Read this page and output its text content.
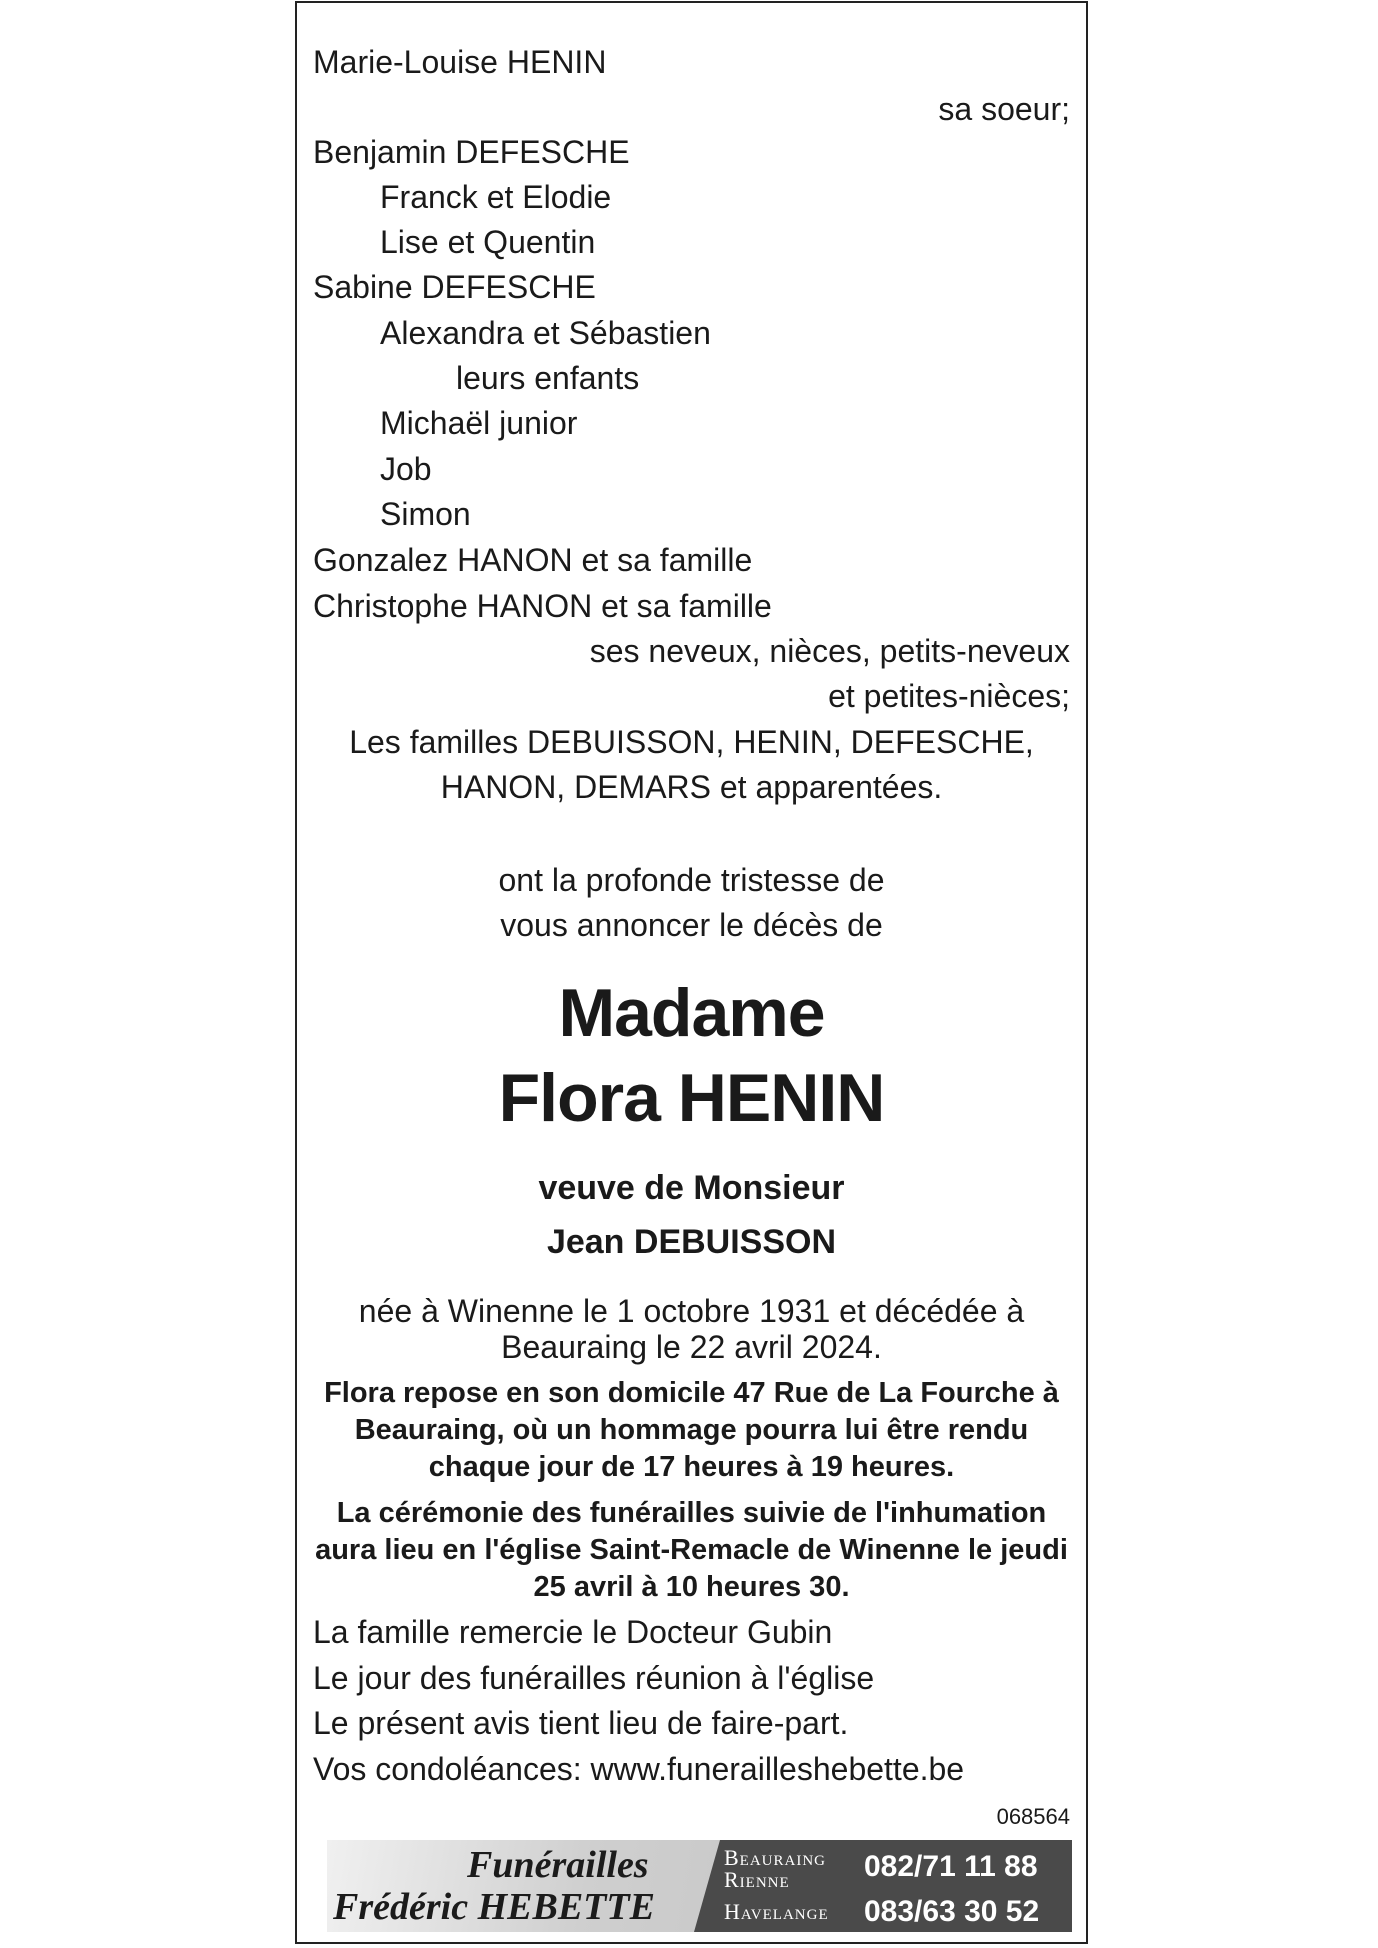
Marie-Louise HENIN
sa soeur;
Benjamin DEFESCHE
Franck et Elodie
Lise et Quentin
Sabine DEFESCHE
Alexandra et Sébastien
leurs enfants
Michaël junior
Job
Simon
Gonzalez HANON et sa famille
Christophe HANON et sa famille
ses neveux, nièces, petits-neveux
et petites-nièces;
Les familles DEBUISSON, HENIN, DEFESCHE,
HANON, DEMARS et apparentées.
ont la profonde tristesse de
vous annoncer le décès de
Madame
Flora HENIN
veuve de Monsieur
Jean DEBUISSON
née à Winenne le 1 octobre 1931 et décédée à Beauraing le 22 avril 2024.
Flora repose en son domicile 47 Rue de La Fourche à Beauraing, où un hommage pourra lui être rendu chaque jour de 17 heures à 19 heures.
La cérémonie des funérailles suivie de l'inhumation aura lieu en l'église Saint-Remacle de Winenne le jeudi 25 avril à 10 heures 30.
La famille remercie le Docteur Gubin
Le jour des funérailles réunion à l'église
Le présent avis tient lieu de faire-part.
Vos condoléances: www.funerailleshebette.be
068564
Funérailles
Frédéric HEBETTE
Beauraing
Rienne
Havelange
082/71 11 88
083/63 30 52
